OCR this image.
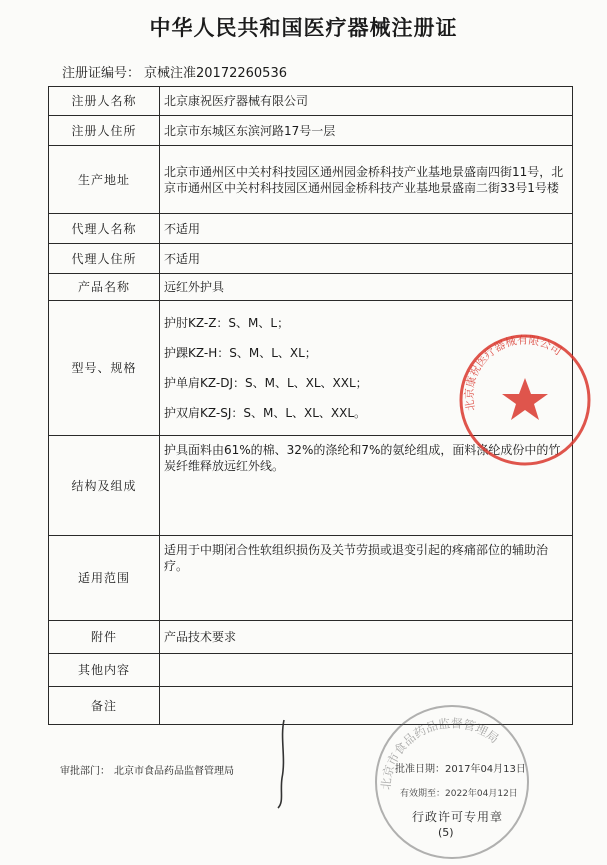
中华人民共和国医疗器械注册证
注册证编号： 京械注准20172260536
注册人名称	北京康祝医疗器械有限公司
注册人住所	北京市东城区东滨河路17号一层
生产地址	北京市通州区中关村科技园区通州园金桥科技产业基地景盛南四街11号，北京市通州区中关村科技园区通州园金桥科技产业基地景盛南二街33号1号楼
代理人名称	不适用
代理人住所	不适用
产品名称	远红外护具
型号、规格	护肘KZ-Z：S、M、L；
护踝KZ-H：S、M、L、XL；
护单肩KZ-DJ：S、M、L、XL、XXL；
护双肩KZ-SJ：S、M、L、XL、XXL。

结构及组成	护具面料由61%的棉、32%的涤纶和7%的氨纶组成，面料涤纶成份中的竹炭纤维释放远红外线。
适用范围	适用于中期闭合性软组织损伤及关节劳损或退变引起的疼痛部位的辅助治疗。
附件	产品技术要求
其他内容	
备注	
北京康祝医疗器械有限公司
北京市食品药品监督管理局
批准日期：2017年04月13日
有效期至：2022年04月12日
行政许可专用章
(5)
审批部门： 北京市食品药品监督管理局
